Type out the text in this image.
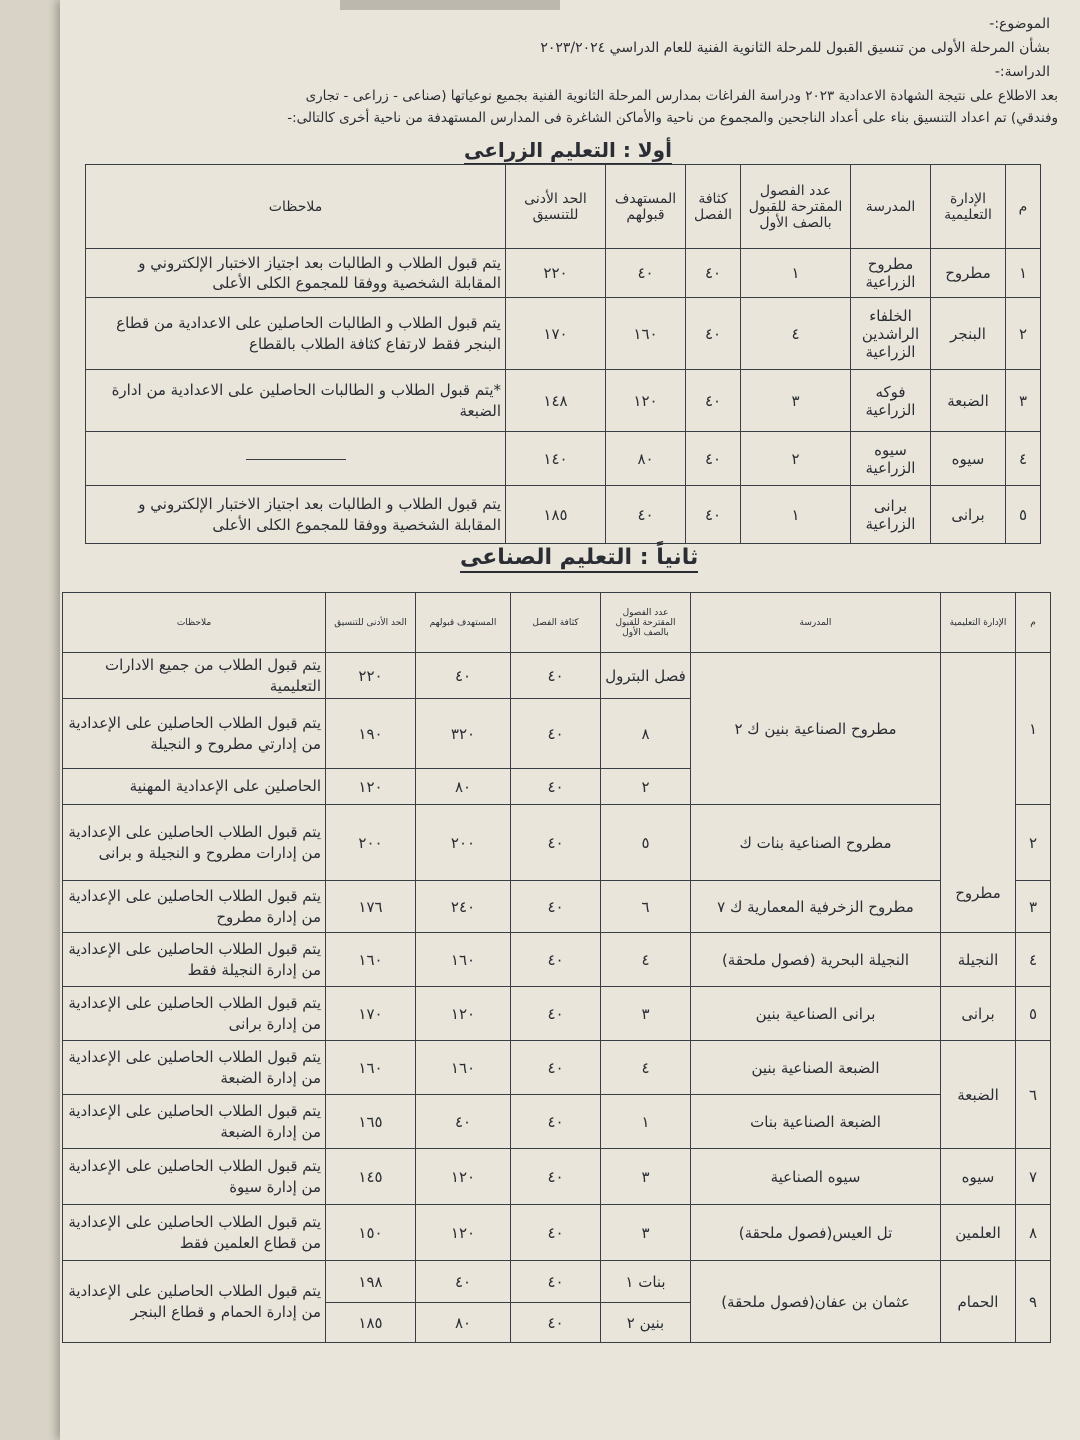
الموضوع:-
بشأن المرحلة الأولى من تنسيق القبول للمرحلة الثانوية الفنية للعام الدراسي ٢٠٢٣/٢٠٢٤
الدراسة:-
بعد الاطلاع على نتيجة الشهادة الاعدادية ٢٠٢٣ ودراسة الفراغات بمدارس المرحلة الثانوية الفنية بجميع نوعياتها (صناعى - زراعى - تجارى
وفندقي) تم اعداد التنسيق بناء على أعداد الناجحين والمجموع من ناحية والأماكن الشاغرة فى المدارس المستهدفة من ناحية أخرى كالتالى:-
أولا : التعليم الزراعى
م	الإدارة التعليمية	المدرسة	عدد الفصول المقترحة للقبول بالصف الأول	كثافة الفصل	المستهدف قبولهم	الحد الأدنى للتنسيق	ملاحظات
١	مطروح	مطروح الزراعية	١	٤٠	٤٠	٢٢٠	يتم قبول الطلاب و الطالبات بعد اجتياز الاختبار الإلكتروني و المقابلة الشخصية ووفقا للمجموع الكلى الأعلى
٢	البنجر	الخلفاء الراشدين الزراعية	٤	٤٠	١٦٠	١٧٠	يتم قبول الطلاب و الطالبات الحاصلين على الاعدادية من قطاع البنجر فقط لارتفاع كثافة الطلاب بالقطاع
٣	الضبعة	فوكه الزراعية	٣	٤٠	١٢٠	١٤٨	*يتم قبول الطلاب و الطالبات الحاصلين على الاعدادية من ادارة الضبعة
٤	سيوه	سيوه الزراعية	٢	٤٠	٨٠	١٤٠	
٥	برانى	برانى الزراعية	١	٤٠	٤٠	١٨٥	يتم قبول الطلاب و الطالبات بعد اجتياز الاختبار الإلكتروني و المقابلة الشخصية ووفقا للمجموع الكلى الأعلى
ثانياً : التعليم الصناعى
م	الإدارة التعليمية	المدرسة	عدد الفصول المقترحة للقبول بالصف الأول	كثافة الفصل	المستهدف قبولهم	الحد الأدنى للتنسيق	ملاحظات
١	مطروح	مطروح الصناعية بنين ك ٢	فصل البترول	٤٠	٤٠	٢٢٠	يتم قبول الطلاب من جميع الادارات التعليمية
			٨	٤٠	٣٢٠	١٩٠	يتم قبول الطلاب الحاصلين على الإعدادية من إدارتي مطروح و النجيلة
			٢	٤٠	٨٠	١٢٠	الحاصلين على الإعدادية المهنية
٢		مطروح الصناعية بنات ك	٥	٤٠	٢٠٠	٢٠٠	يتم قبول الطلاب الحاصلين على الإعدادية من إدارات مطروح و النجيلة و برانى
٣		مطروح الزخرفية المعمارية ك ٧	٦	٤٠	٢٤٠	١٧٦	يتم قبول الطلاب الحاصلين على الإعدادية من إدارة مطروح
٤	النجيلة	النجيلة البحرية (فصول ملحقة)	٤	٤٠	١٦٠	١٦٠	يتم قبول الطلاب الحاصلين على الإعدادية من إدارة النجيلة فقط
٥	برانى	برانى الصناعية بنين	٣	٤٠	١٢٠	١٧٠	يتم قبول الطلاب الحاصلين على الإعدادية من إدارة برانى
٦	الضبعة	الضبعة الصناعية بنين	٤	٤٠	١٦٠	١٦٠	يتم قبول الطلاب الحاصلين على الإعدادية من إدارة الضبعة
		الضبعة الصناعية بنات	١	٤٠	٤٠	١٦٥	يتم قبول الطلاب الحاصلين على الإعدادية من إدارة الضبعة
٧	سيوه	سيوه الصناعية	٣	٤٠	١٢٠	١٤٥	يتم قبول الطلاب الحاصلين على الإعدادية من إدارة سيوة
٨	العلمين	تل العيس(فصول ملحقة)	٣	٤٠	١٢٠	١٥٠	يتم قبول الطلاب الحاصلين على الإعدادية من قطاع العلمين فقط
٩	الحمام	عثمان بن عفان(فصول ملحقة)	بنات ١	٤٠	٤٠	١٩٨	يتم قبول الطلاب الحاصلين على الإعدادية من إدارة الحمام و قطاع البنجر
			بنين ٢	٤٠	٨٠	١٨٥	
